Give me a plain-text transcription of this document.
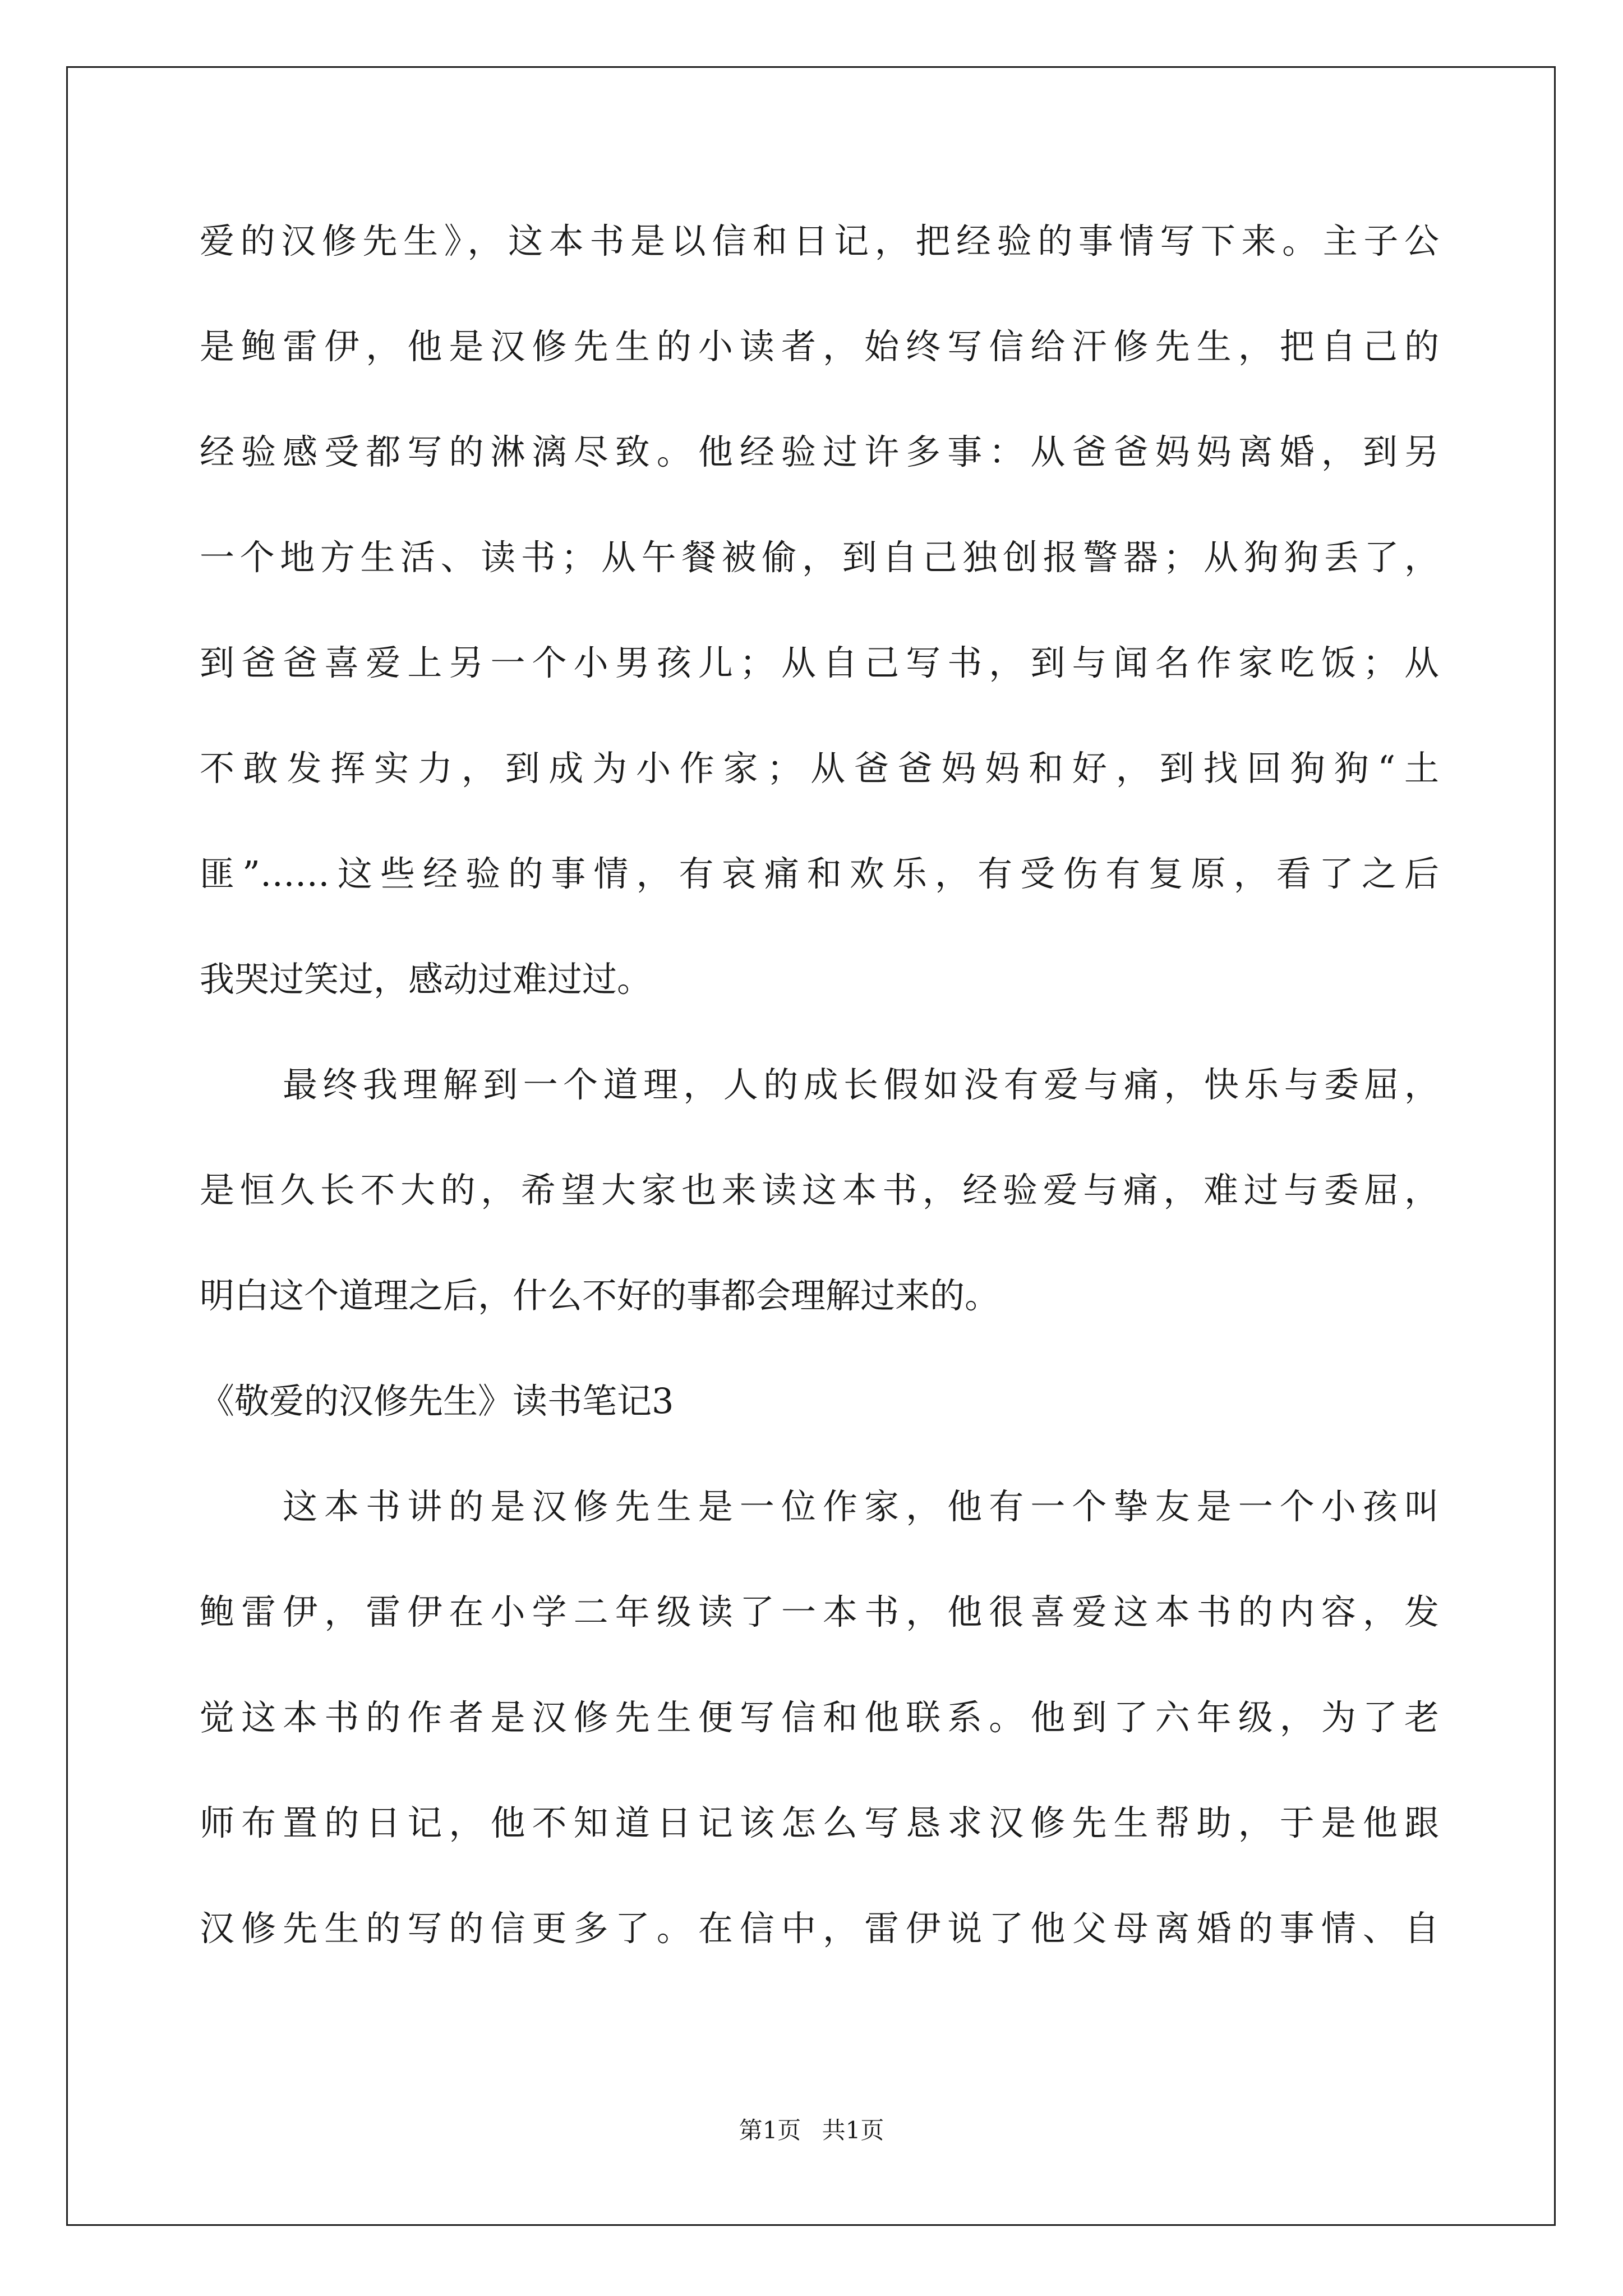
爱的汉修先生》，这本书是以信和日记，把经验的事情写下来。主子公
是鲍雷伊，他是汉修先生的小读者，始终写信给汗修先生，把自己的
经验感受都写的淋漓尽致。他经验过许多事：从爸爸妈妈离婚，到另
一个地方生活、读书；从午餐被偷，到自己独创报警器；从狗狗丢了，
到爸爸喜爱上另一个小男孩儿；从自己写书，到与闻名作家吃饭；从
不敢发挥实力，到成为小作家；从爸爸妈妈和好，到找回狗狗“土
匪”……这些经验的事情，有哀痛和欢乐，有受伤有复原，看了之后
我哭过笑过，感动过难过过。
最终我理解到一个道理，人的成长假如没有爱与痛，快乐与委屈，
是恒久长不大的，希望大家也来读这本书，经验爱与痛，难过与委屈，
明白这个道理之后，什么不好的事都会理解过来的。
《敬爱的汉修先生》读书笔记3
这本书讲的是汉修先生是一位作家，他有一个挚友是一个小孩叫
鲍雷伊，雷伊在小学二年级读了一本书，他很喜爱这本书的内容，发
觉这本书的作者是汉修先生便写信和他联系。他到了六年级，为了老
师布置的日记，他不知道日记该怎么写恳求汉修先生帮助，于是他跟
汉修先生的写的信更多了。在信中，雷伊说了他父母离婚的事情、自
第1页 共1页
